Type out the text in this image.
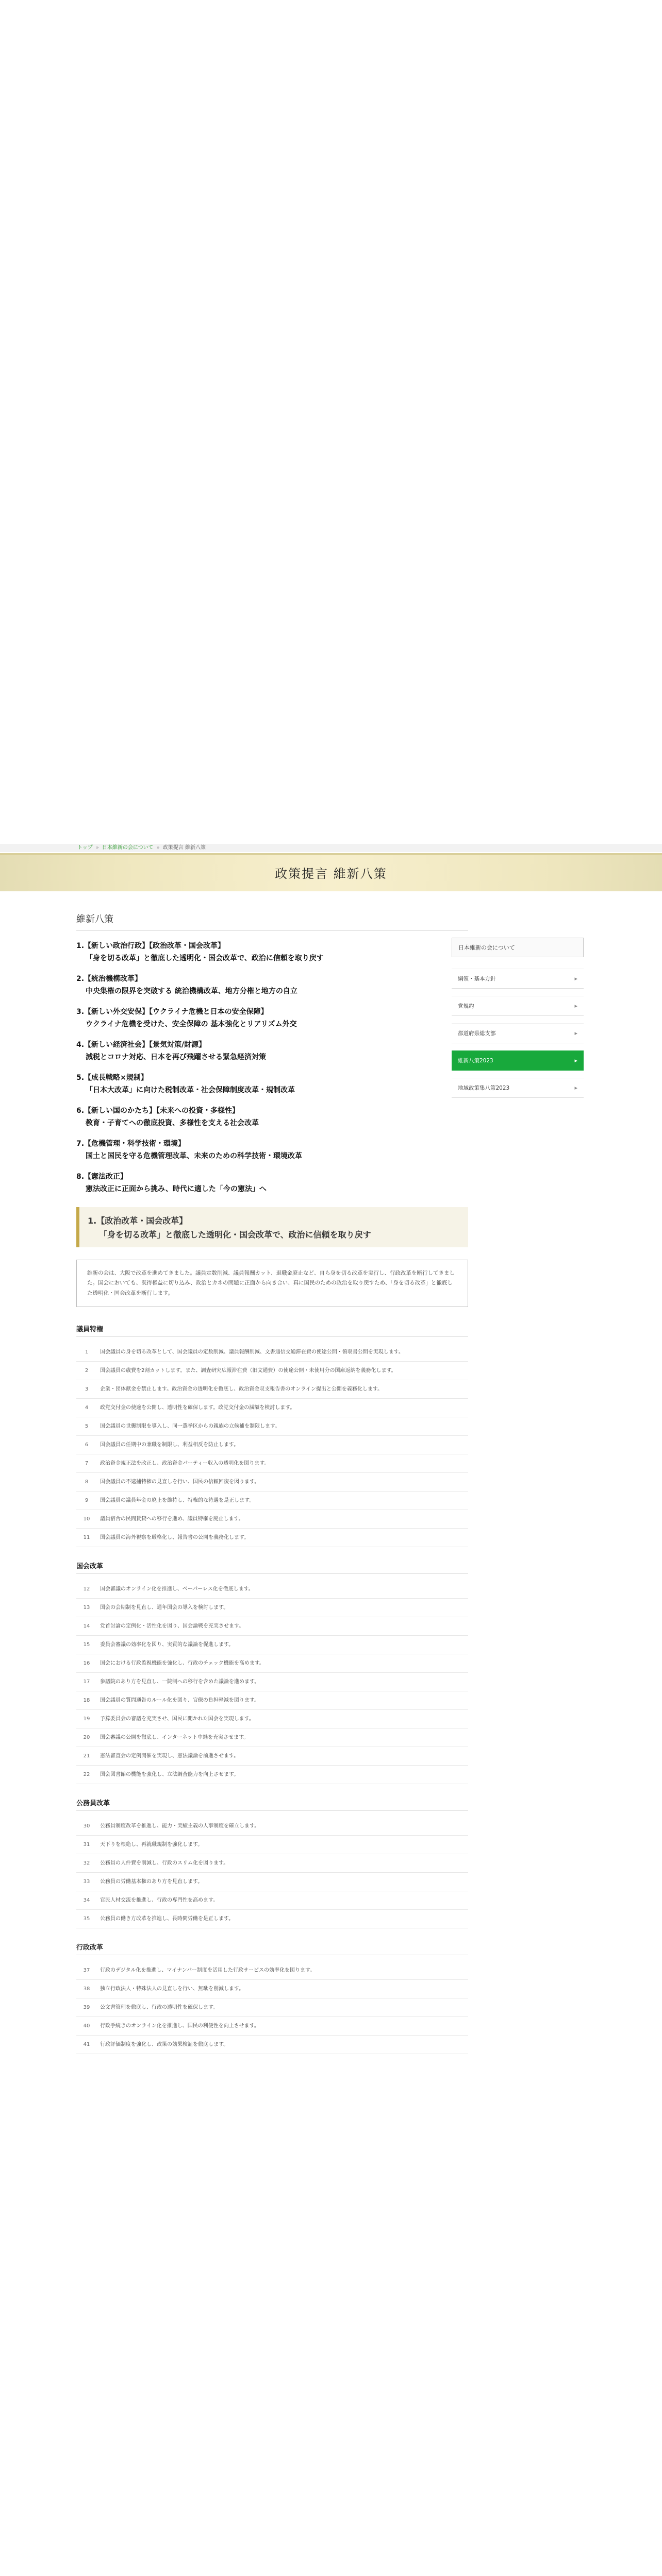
トップ » 日本維新の会について » 政策提言 維新八策
政策提言 維新八策
維新八策
1.【新しい政治行政】【政治改革・国会改革】
「身を切る改革」と徹底した透明化・国会改革で、政治に信頼を取り戻す
2.【統治機構改革】
中央集権の限界を突破する 統治機構改革、地方分権と地方の自立
3.【新しい外交安保】【ウクライナ危機と日本の安全保障】
ウクライナ危機を受けた、安全保障の 基本強化とリアリズム外交
4.【新しい経済社会】【景気対策/財源】
減税とコロナ対応、日本を再び飛躍させる緊急経済対策
5.【成長戦略×規制】
「日本大改革」に向けた税制改革・社会保障制度改革・規制改革
6.【新しい国のかたち】【未来への投資・多様性】
教育・子育てへの徹底投資、多様性を支える社会改革
7.【危機管理・科学技術・環境】
国土と国民を守る危機管理改革、未来のための科学技術・環境改革
8.【憲法改正】
憲法改正に正面から挑み、時代に適した「今の憲法」へ
1.【政治改革・国会改革】
「身を切る改革」と徹底した透明化・国会改革で、政治に信頼を取り戻す
維新の会は、大阪で改革を進めてきました。議員定数削減、議員報酬カット、退職金廃止など、自ら身を切る改革を実行し、行政改革を断行してきました。国会においても、既得権益に切り込み、政治とカネの問題に正面から向き合い、真に国民のための政治を取り戻すため、「身を切る改革」と徹底した透明化・国会改革を断行します。
議員特権
1	国会議員の身を切る改革として、国会議員の定数削減、議員報酬削減、文書通信交通滞在費の使途公開・領収書公開を実現します。
2	国会議員の歳費を2割カットします。また、調査研究広報滞在費（旧文通費）の使途公開・未使用分の国庫返納を義務化します。
3	企業・団体献金を禁止します。政治資金の透明化を徹底し、政治資金収支報告書のオンライン提出と公開を義務化します。
4	政党交付金の使途を公開し、透明性を確保します。政党交付金の減額を検討します。
5	国会議員の世襲制限を導入し、同一選挙区からの親族の立候補を制限します。
6	国会議員の任期中の兼職を制限し、利益相反を防止します。
7	政治資金規正法を改正し、政治資金パーティー収入の透明化を図ります。
8	国会議員の不逮捕特権の見直しを行い、国民の信頼回復を図ります。
9	国会議員の議員年金の廃止を維持し、特権的な待遇を是正します。
10	議員宿舎の民間賃貸への移行を進め、議員特権を廃止します。
11	国会議員の海外視察を厳格化し、報告書の公開を義務化します。
国会改革
12	国会審議のオンライン化を推進し、ペーパーレス化を徹底します。
13	国会の会期制を見直し、通年国会の導入を検討します。
14	党首討論の定例化・活性化を図り、国会論戦を充実させます。
15	委員会審議の効率化を図り、実質的な議論を促進します。
16	国会における行政監視機能を強化し、行政のチェック機能を高めます。
17	参議院のあり方を見直し、一院制への移行を含めた議論を進めます。
18	国会議員の質問通告のルール化を図り、官僚の負担軽減を図ります。
19	予算委員会の審議を充実させ、国民に開かれた国会を実現します。
20	国会審議の公開を徹底し、インターネット中継を充実させます。
21	憲法審査会の定例開催を実現し、憲法議論を前進させます。
22	国会図書館の機能を強化し、立法調査能力を向上させます。
公務員改革
30	公務員制度改革を推進し、能力・実績主義の人事制度を確立します。
31	天下りを根絶し、再就職規制を強化します。
32	公務員の人件費を削減し、行政のスリム化を図ります。
33	公務員の労働基本権のあり方を見直します。
34	官民人材交流を推進し、行政の専門性を高めます。
35	公務員の働き方改革を推進し、長時間労働を是正します。
行政改革
37	行政のデジタル化を推進し、マイナンバー制度を活用した行政サービスの効率化を図ります。
38	独立行政法人・特殊法人の見直しを行い、無駄を削減します。
39	公文書管理を徹底し、行政の透明性を確保します。
40	行政手続きのオンライン化を推進し、国民の利便性を向上させます。
41	行政評価制度を強化し、政策の効果検証を徹底します。
日本維新の会について
綱領・基本方針	▸
党規約	▸
都道府県総支部	▸
維新八策2023	▸
地域政策集八策2023	▸
